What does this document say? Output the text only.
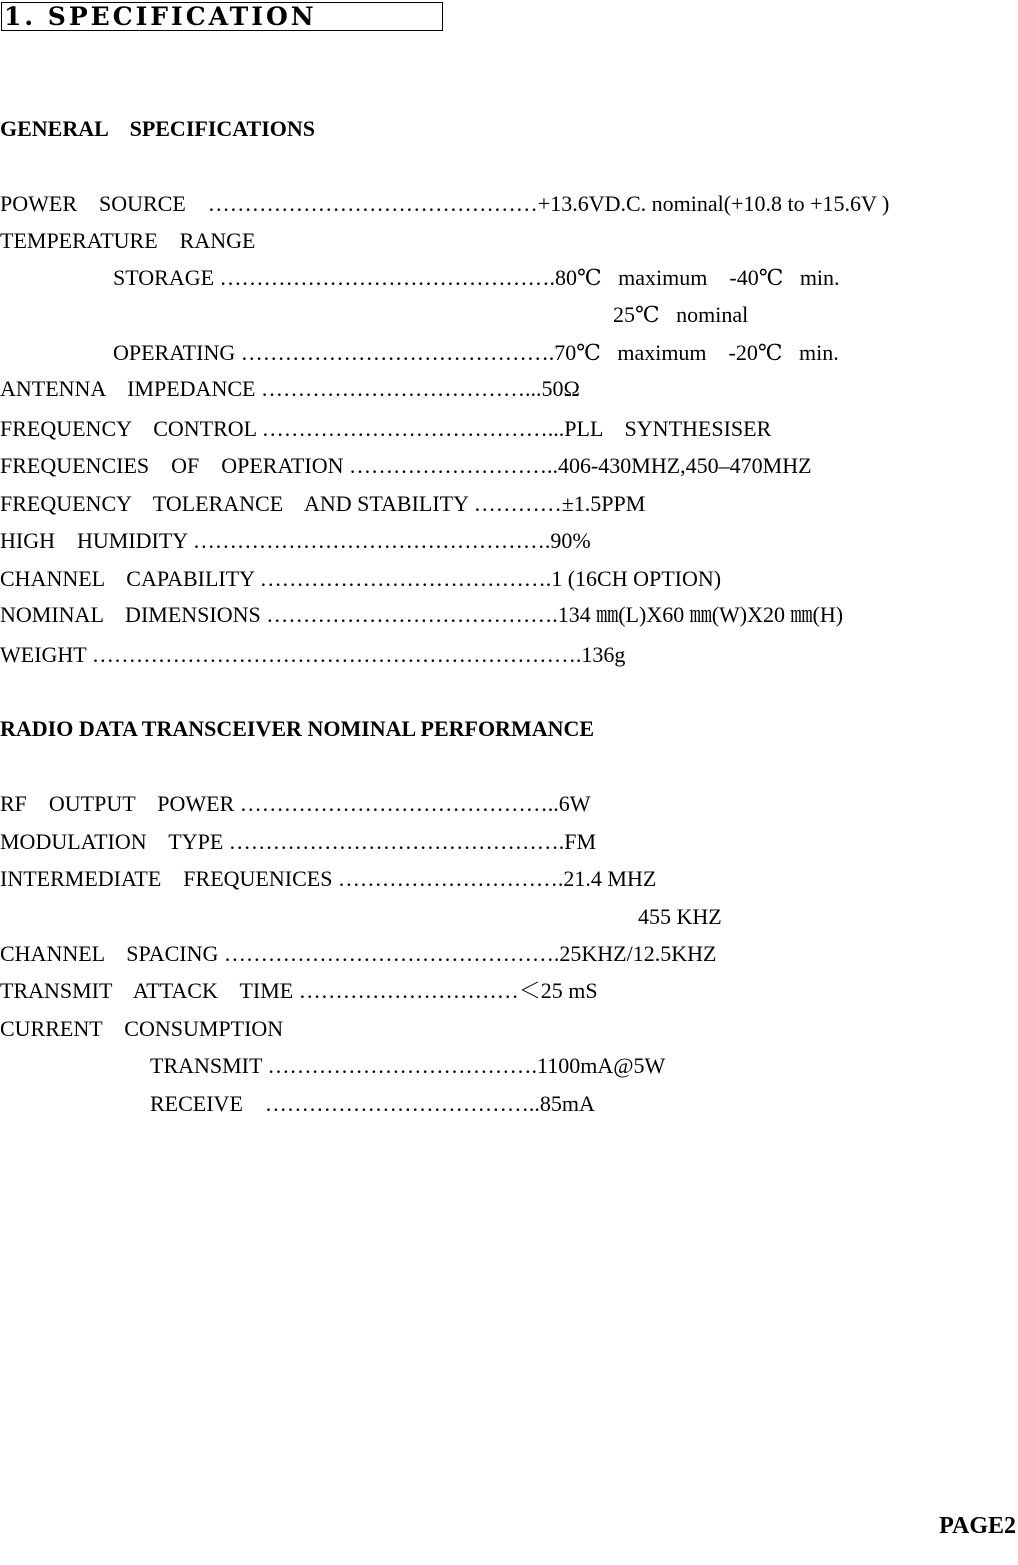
1. SPECIFICATION
GENERAL    SPECIFICATIONS
POWER    SOURCE    ………………………………………+13.6VD.C. nominal(+10.8 to +15.6V )
TEMPERATURE    RANGE
STORAGE ……………………………………….80℃   maximum    -40℃   min.
25℃   nominal
OPERATING …………………………………….70℃   maximum    -20℃   min.
ANTENNA    IMPEDANCE ………………………………...50Ω
FREQUENCY    CONTROL …………………………………...PLL    SYNTHESISER
FREQUENCIES    OF    OPERATION ………………………..406-430MHZ,450–470MHZ
FREQUENCY    TOLERANCE    AND STABILITY …………±1.5PPM
HIGH    HUMIDITY ………………………………………….90%
CHANNEL    CAPABILITY ………………………………….1 (16CH OPTION)
NOMINAL    DIMENSIONS ………………………………….134 ㎜(L)X60 ㎜(W)X20 ㎜(H)
WEIGHT ………………………………………………………….136g
RADIO DATA TRANSCEIVER NOMINAL PERFORMANCE
RF    OUTPUT    POWER ……………………………………..6W
MODULATION    TYPE ……………………………………….FM
INTERMEDIATE    FREQUENICES ………………………….21.4 MHZ
455 KHZ
CHANNEL    SPACING ……………………………………….25KHZ/12.5KHZ
TRANSMIT    ATTACK    TIME …………………………＜25 mS
CURRENT    CONSUMPTION
TRANSMIT ……………………………….1100mA@5W
RECEIVE    ………………………………..85mA
PAGE2
